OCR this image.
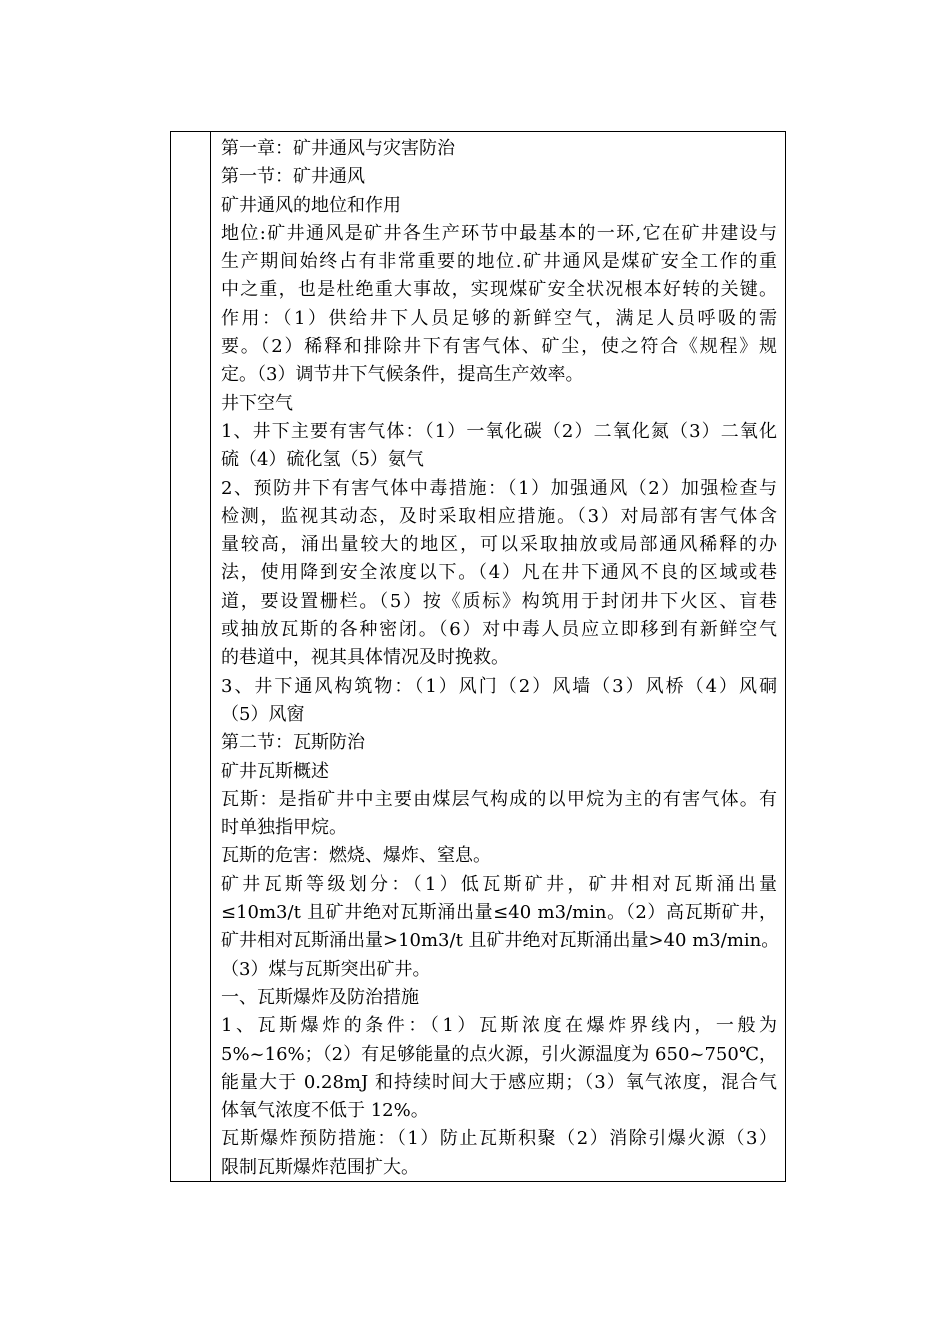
第一章：矿井通风与灾害防治

第一节：矿井通风

矿井通风的地位和作用

地位:矿井通风是矿井各生产环节中最基本的一环,它在矿井建设与

生产期间始终占有非常重要的地位.矿井通风是煤矿安全工作的重

中之重，也是杜绝重大事故，实现煤矿安全状况根本好转的关键。

作用：（1）供给井下人员足够的新鲜空气，满足人员呼吸的需

要。（2）稀释和排除井下有害气体、矿尘，使之符合《规程》规

定。（3）调节井下气候条件，提高生产效率。

井下空气

1、井下主要有害气体：（1）一氧化碳（2）二氧化氮（3）二氧化

硫（4）硫化氢（5）氨气

2、预防井下有害气体中毒措施：（1）加强通风（2）加强检查与

检测，监视其动态，及时采取相应措施。（3）对局部有害气体含

量较高，涌出量较大的地区，可以采取抽放或局部通风稀释的办

法，使用降到安全浓度以下。（4）凡在井下通风不良的区域或巷

道，要设置栅栏。（5）按《质标》构筑用于封闭井下火区、盲巷

或抽放瓦斯的各种密闭。（6）对中毒人员应立即移到有新鲜空气

的巷道中，视其具体情况及时挽救。

3、井下通风构筑物：（1）风门（2）风墙（3）风桥（4）风硐

（5）风窗

第二节：瓦斯防治

矿井瓦斯概述

瓦斯：是指矿井中主要由煤层气构成的以甲烷为主的有害气体。有

时单独指甲烷。

瓦斯的危害：燃烧、爆炸、窒息。

矿井瓦斯等级划分：（1）低瓦斯矿井，矿井相对瓦斯涌出量

≤10m3/t 且矿井绝对瓦斯涌出量≤40 m3/min。（2）高瓦斯矿井，

矿井相对瓦斯涌出量>10m3/t 且矿井绝对瓦斯涌出量>40 m3/min。

（3）煤与瓦斯突出矿井。

一、瓦斯爆炸及防治措施

1、瓦斯爆炸的条件：（1）瓦斯浓度在爆炸界线内，一般为

5%~16%；（2）有足够能量的点火源，引火源温度为 650~750℃，

能量大于 0.28mJ 和持续时间大于感应期；（3）氧气浓度，混合气

体氧气浓度不低于 12%。

瓦斯爆炸预防措施：（1）防止瓦斯积聚（2）消除引爆火源（3）

限制瓦斯爆炸范围扩大。
